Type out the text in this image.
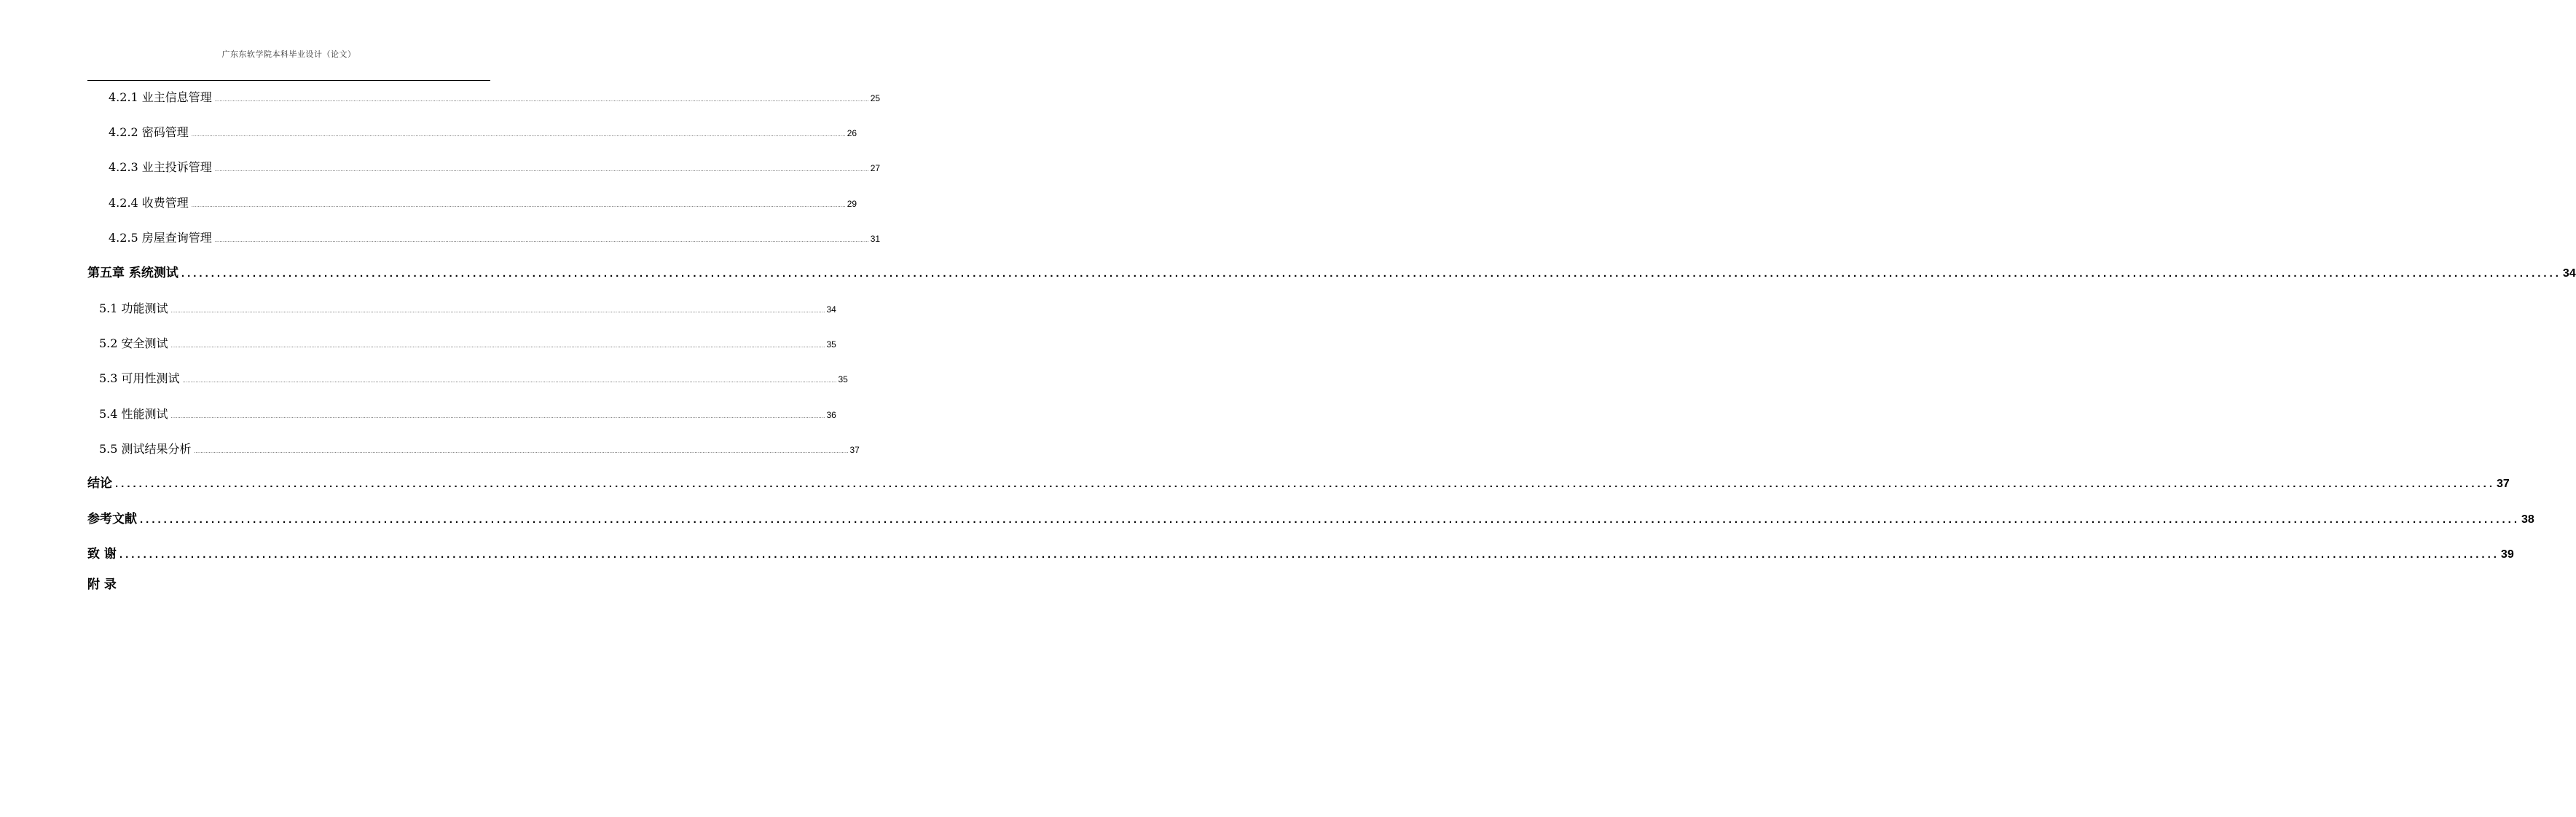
广东东软学院本科毕业设计（论文）
4.2.1 业主信息管理 ................................................................................................................................................................................................................................................................................................................................................................................................................ 25
4.2.2 密码管理 ................................................................................................................................................................................................................................................................................................................................................................................................................ 26
4.2.3 业主投诉管理 ................................................................................................................................................................................................................................................................................................................................................................................................................ 27
4.2.4 收费管理 ................................................................................................................................................................................................................................................................................................................................................................................................................ 29
4.2.5 房屋查询管理 ................................................................................................................................................................................................................................................................................................................................................................................................................ 31
第五章 系统测试 ................................................................................................................................................................................................................................................................................................................................................................................................................ 34
5.1 功能测试 ................................................................................................................................................................................................................................................................................................................................................................................................................ 34
5.2 安全测试 ................................................................................................................................................................................................................................................................................................................................................................................................................ 35
5.3 可用性测试 ................................................................................................................................................................................................................................................................................................................................................................................................................ 35
5.4 性能测试 ................................................................................................................................................................................................................................................................................................................................................................................................................ 36
5.5 测试结果分析 ................................................................................................................................................................................................................................................................................................................................................................................................................ 37
结论 ................................................................................................................................................................................................................................................................................................................................................................................................................ 37
参考文献 ................................................................................................................................................................................................................................................................................................................................................................................................................ 38
致 谢 ................................................................................................................................................................................................................................................................................................................................................................................................................ 39
附 录
